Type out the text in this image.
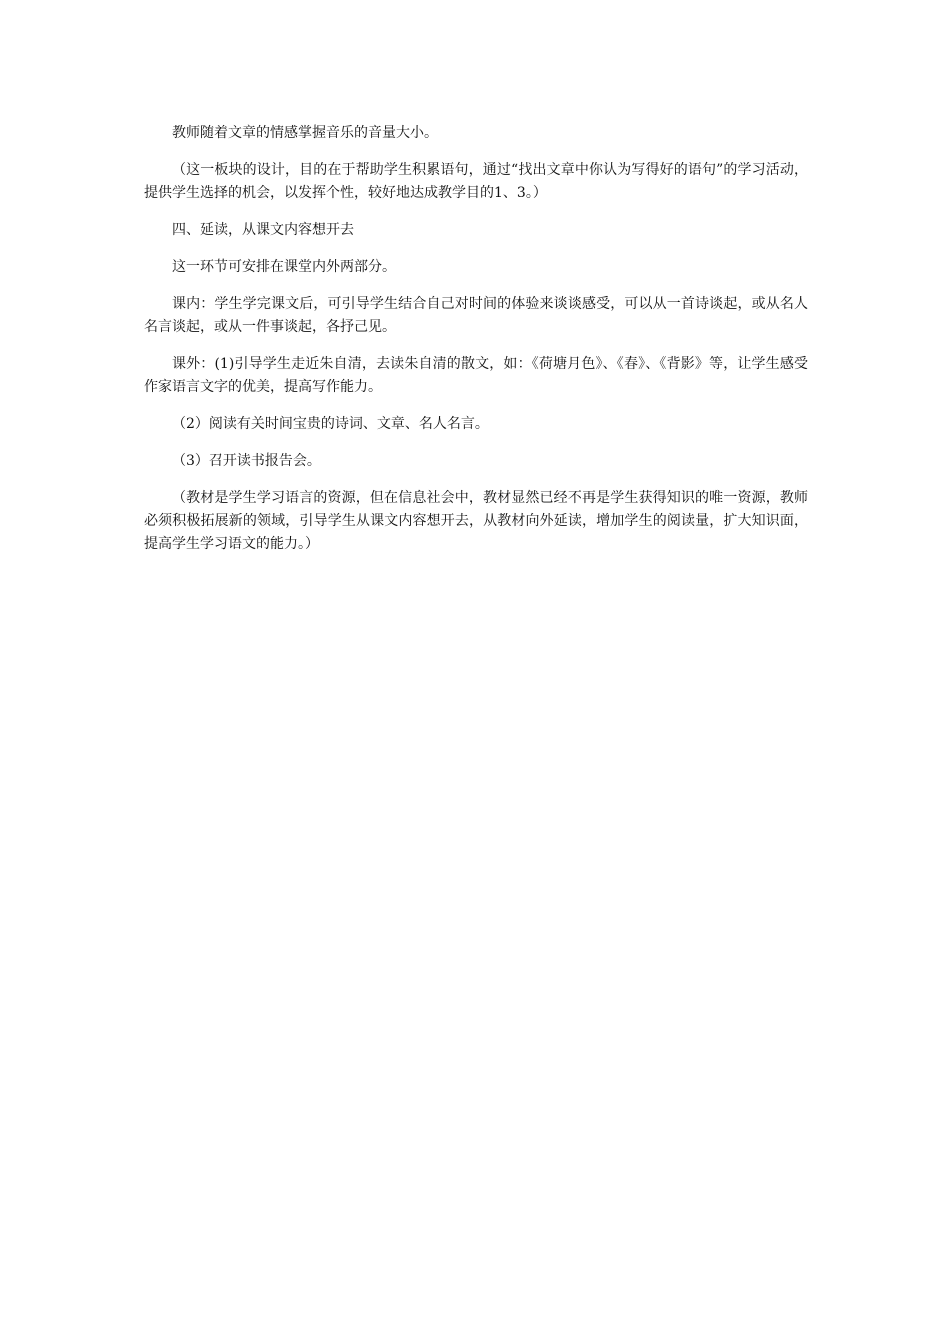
教师随着文章的情感掌握音乐的音量大小。

（这一板块的设计，目的在于帮助学生积累语句，通过“找出文章中你认为写得好的语句”的学习活动，提供学生选择的机会，以发挥个性，较好地达成教学目的1、3。）

四、延读，从课文内容想开去

这一环节可安排在课堂内外两部分。

课内：学生学完课文后，可引导学生结合自己对时间的体验来谈谈感受，可以从一首诗谈起，或从名人名言谈起，或从一件事谈起，各抒己见。

课外：(1)引导学生走近朱自清，去读朱自清的散文，如：《荷塘月色》、《春》、《背影》等，让学生感受作家语言文字的优美，提高写作能力。

（2）阅读有关时间宝贵的诗词、文章、名人名言。

（3）召开读书报告会。

（教材是学生学习语言的资源，但在信息社会中，教材显然已经不再是学生获得知识的唯一资源，教师必须积极拓展新的领域，引导学生从课文内容想开去，从教材向外延读，增加学生的阅读量，扩大知识面，提高学生学习语文的能力。）
